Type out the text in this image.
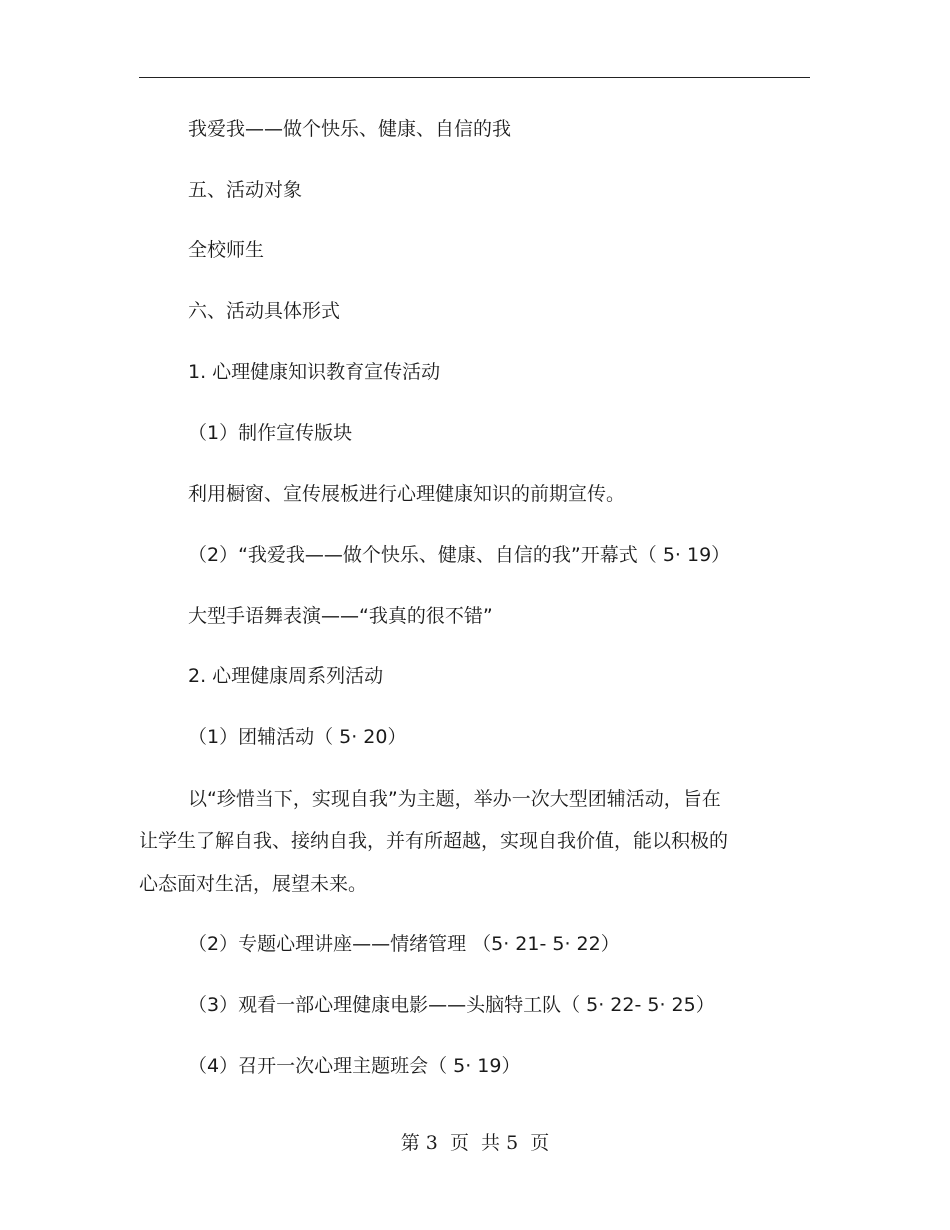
我爱我——做个快乐、健康、自信的我
五、活动对象
全校师生
六、活动具体形式
1. 心理健康知识教育宣传活动
（1）制作宣传版块
利用橱窗、宣传展板进行心理健康知识的前期宣传。
（2）“我爱我——做个快乐、健康、自信的我”开幕式（ 5· 19）
大型手语舞表演——“我真的很不错”
2. 心理健康周系列活动
（1）团辅活动（ 5· 20）
以“珍惜当下，实现自我”为主题，举办一次大型团辅活动，旨在
让学生了解自我、接纳自我，并有所超越，实现自我价值，能以积极的
心态面对生活，展望未来。
（2）专题心理讲座——情绪管理 （5· 21- 5· 22）
（3）观看一部心理健康电影——头脑特工队（ 5· 22- 5· 25）
（4）召开一次心理主题班会（ 5· 19）
第 3  页  共 5  页
